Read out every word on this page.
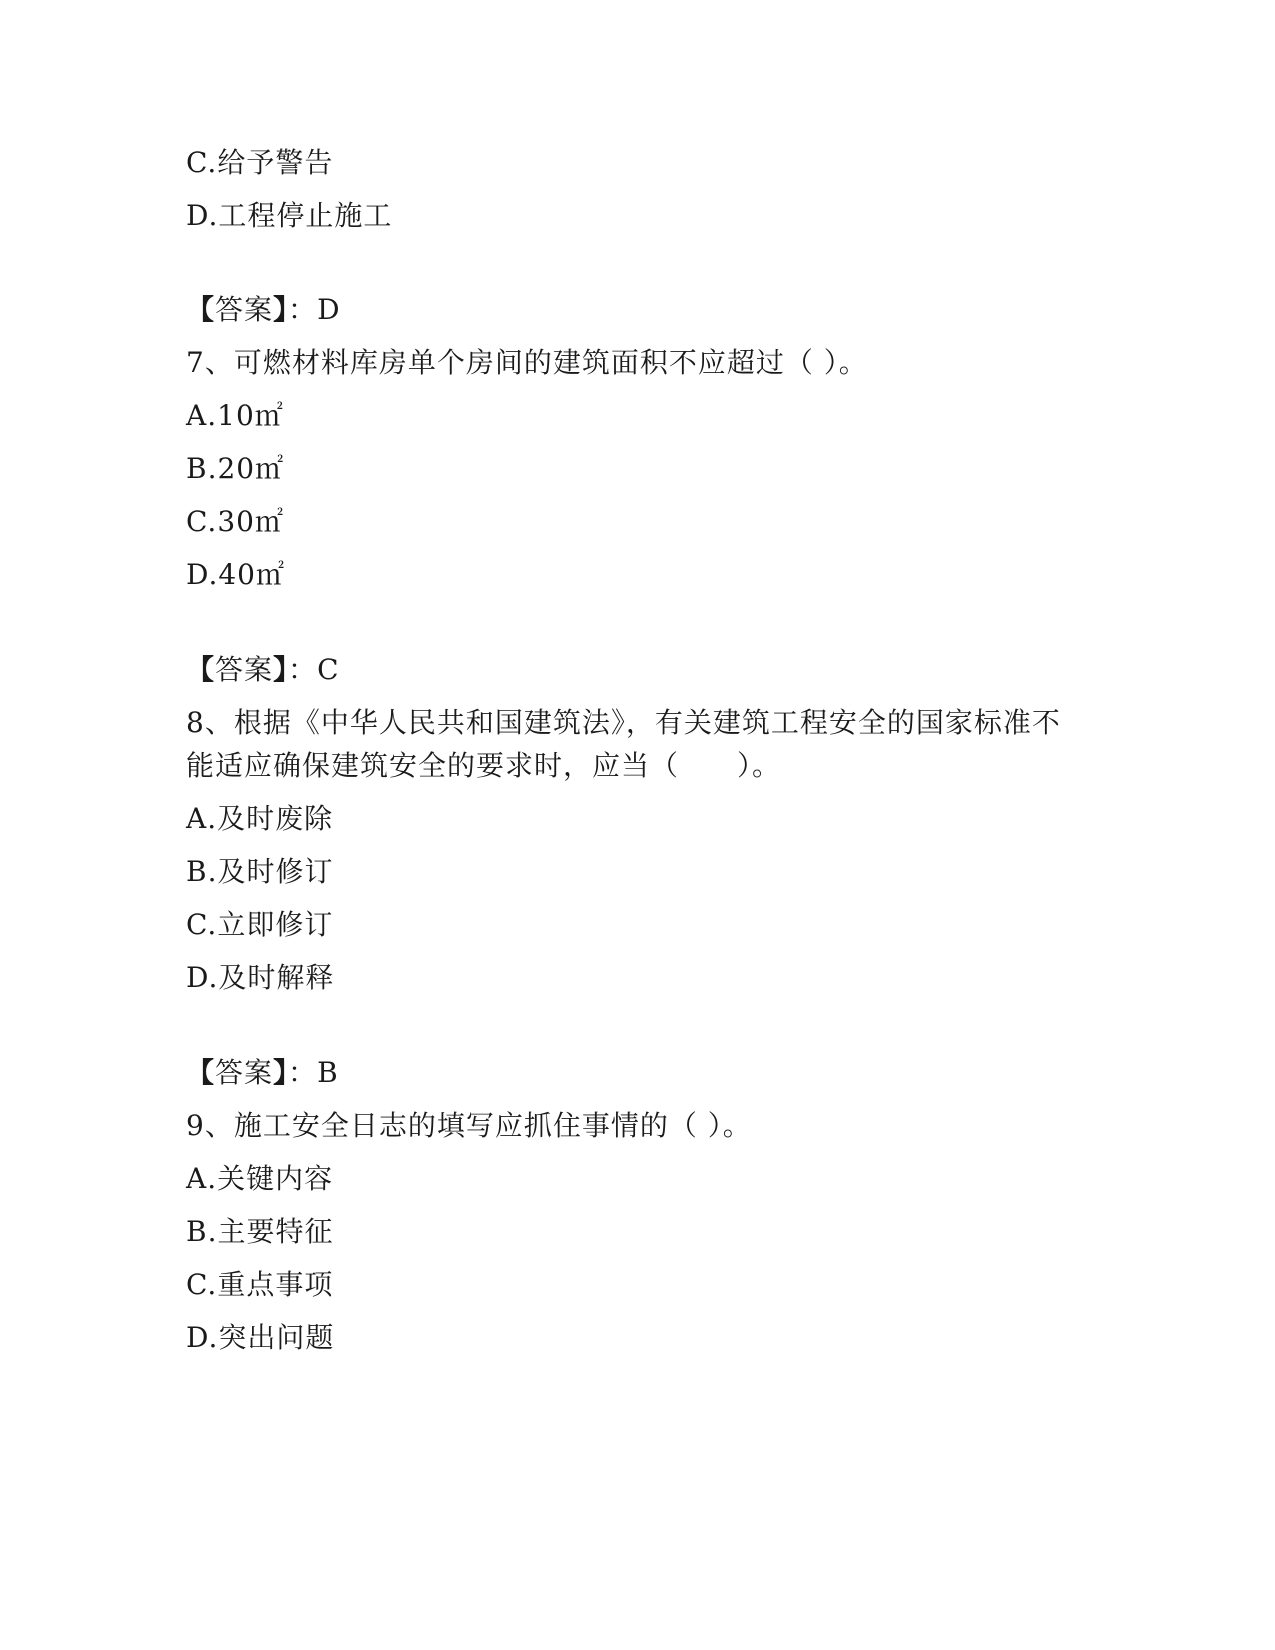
C.给予警告
D.工程停止施工
【答案】：D
7、可燃材料库房单个房间的建筑面积不应超过（ ）。
A.10㎡
B.20㎡
C.30㎡
D.40㎡
【答案】：C
8、根据《中华人民共和国建筑法》，有关建筑工程安全的国家标准不
能适应确保建筑安全的要求时，应当（　　）。
A.及时废除
B.及时修订
C.立即修订
D.及时解释
【答案】：B
9、施工安全日志的填写应抓住事情的（ ）。
A.关键内容
B.主要特征
C.重点事项
D.突出问题
